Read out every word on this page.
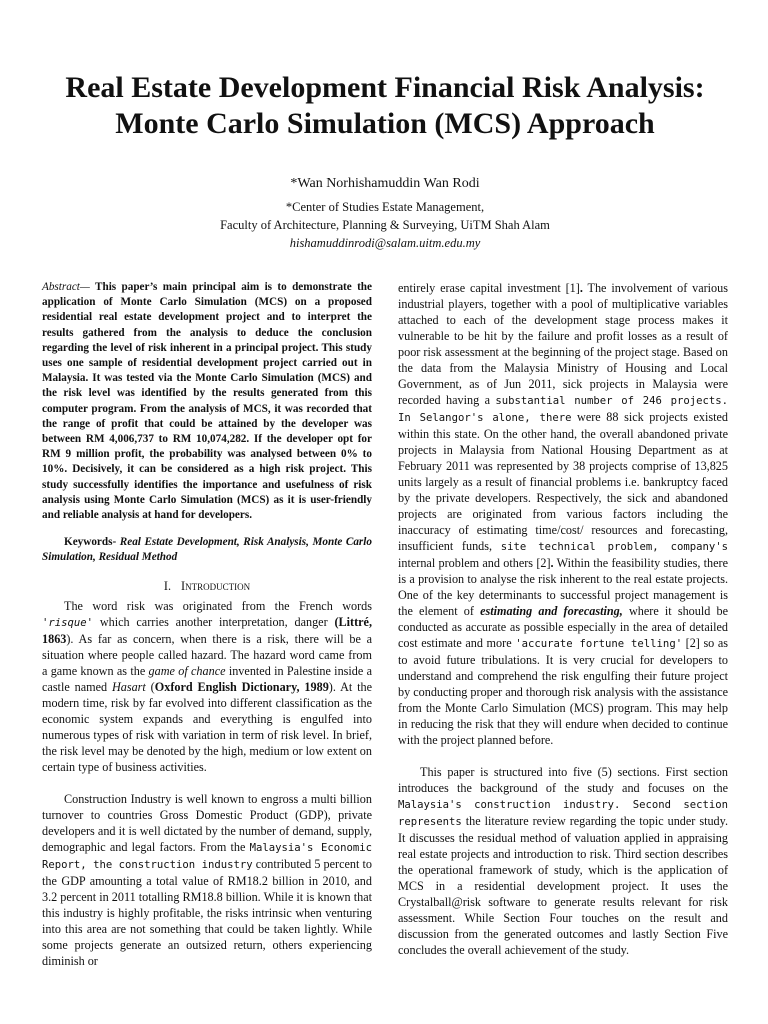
Real Estate Development Financial Risk Analysis:
Monte Carlo Simulation (MCS) Approach
*Wan Norhishamuddin Wan Rodi
*Center of Studies Estate Management,
Faculty of Architecture, Planning & Surveying, UiTM Shah Alam
hishamuddinrodi@salam.uitm.edu.my

Abstract— This paper’s main principal aim is to demonstrate the application of Monte Carlo Simulation (MCS) on a proposed residential real estate development project and to interpret the results gathered from the analysis to deduce the conclusion regarding the level of risk inherent in a principal project. This study uses one sample of residential development project carried out in Malaysia. It was tested via the Monte Carlo Simulation (MCS) and the risk level was identified by the results generated from this computer program. From the analysis of MCS, it was recorded that the range of profit that could be attained by the developer was between RM 4,006,737 to RM 10,074,282. If the developer opt for RM 9 million profit, the probability was analysed between 0% to 10%. Decisively, it can be considered as a high risk project. This study successfully identifies the importance and usefulness of risk analysis using Monte Carlo Simulation (MCS) as it is user-friendly and reliable analysis at hand for developers.

Keywords- Real Estate Development, Risk Analysis, Monte Carlo Simulation, Residual Method

I. Introduction

The word risk was originated from the French words 'risque' which carries another interpretation, danger (Littré, 1863). As far as concern, when there is a risk, there will be a situation where people called hazard. The hazard word came from a game known as the game of chance invented in Palestine inside a castle named Hasart (Oxford English Dictionary, 1989). At the modern time, risk by far evolved into different classification as the economic system expands and everything is engulfed into numerous types of risk with variation in term of risk level. In brief, the risk level may be denoted by the high, medium or low extent on certain type of business activities.

Construction Industry is well known to engross a multi billion turnover to countries Gross Domestic Product (GDP), private developers and it is well dictated by the number of demand, supply, demographic and legal factors. From the Malaysia's Economic Report, the construction industry contributed 5 percent to the GDP amounting a total value of RM18.2 billion in 2010, and 3.2 percent in 2011 totalling RM18.8 billion. While it is known that this industry is highly profitable, the risks intrinsic when venturing into this area are not something that could be taken lightly. While some projects generate an outsized return, others experiencing diminish or

entirely erase capital investment [1]. The involvement of various industrial players, together with a pool of multiplicative variables attached to each of the development stage process makes it vulnerable to be hit by the failure and profit losses as a result of poor risk assessment at the beginning of the project stage. Based on the data from the Malaysia Ministry of Housing and Local Government, as of Jun 2011, sick projects in Malaysia were recorded having a substantial number of 246 projects. In Selangor's alone, there were 88 sick projects existed within this state. On the other hand, the overall abandoned private projects in Malaysia from National Housing Department as at February 2011 was represented by 38 projects comprise of 13,825 units largely as a result of financial problems i.e. bankruptcy faced by the private developers. Respectively, the sick and abandoned projects are originated from various factors including the inaccuracy of estimating time/cost/ resources and forecasting, insufficient funds, site technical problem, company's internal problem and others [2]. Within the feasibility studies, there is a provision to analyse the risk inherent to the real estate projects. One of the key determinants to successful project management is the element of estimating and forecasting, where it should be conducted as accurate as possible especially in the area of detailed cost estimate and more 'accurate fortune telling' [2] so as to avoid future tribulations. It is very crucial for developers to understand and comprehend the risk engulfing their future project by conducting proper and thorough risk analysis with the assistance from the Monte Carlo Simulation (MCS) program. This may help in reducing the risk that they will endure when decided to continue with the project planned before.

This paper is structured into five (5) sections. First section introduces the background of the study and focuses on the Malaysia's construction industry. Second section represents the literature review regarding the topic under study. It discusses the residual method of valuation applied in appraising real estate projects and introduction to risk. Third section describes the operational framework of study, which is the application of MCS in a residential development project. It uses the Crystalball@risk software to generate results relevant for risk assessment. While Section Four touches on the result and discussion from the generated outcomes and lastly Section Five concludes the overall achievement of the study.
